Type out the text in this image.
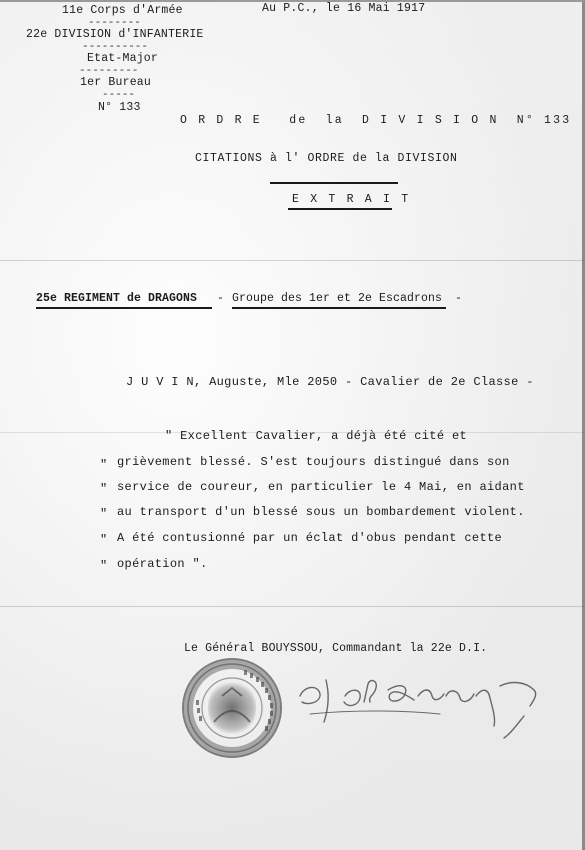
11e Corps d'Armée
--------
22e DIVISION d'INFANTERIE
----------
Etat-Major
---------
1er Bureau
-----
N° 133
Au P.C., le 16 Mai 1917
O R D R E   de  la  D I V I S I O N  N° 133
CITATIONS à l' ORDRE de la DIVISION
E X T R A I T
25e REGIMENT de DRAGONS - Groupe des 1er et 2e Escadrons -
J U V I N, Auguste, Mle 2050 - Cavalier de 2e Classe -
" Excellent Cavalier, a déjà été cité et
" grièvement blessé. S'est toujours distingué dans son
" service de coureur, en particulier le 4 Mai, en aidant
" au transport d'un blessé sous un bombardement violent.
" A été contusionné par un éclat d'obus pendant cette
" opération ".
Le Général BOUYSSOU, Commandant la 22e D.I.
